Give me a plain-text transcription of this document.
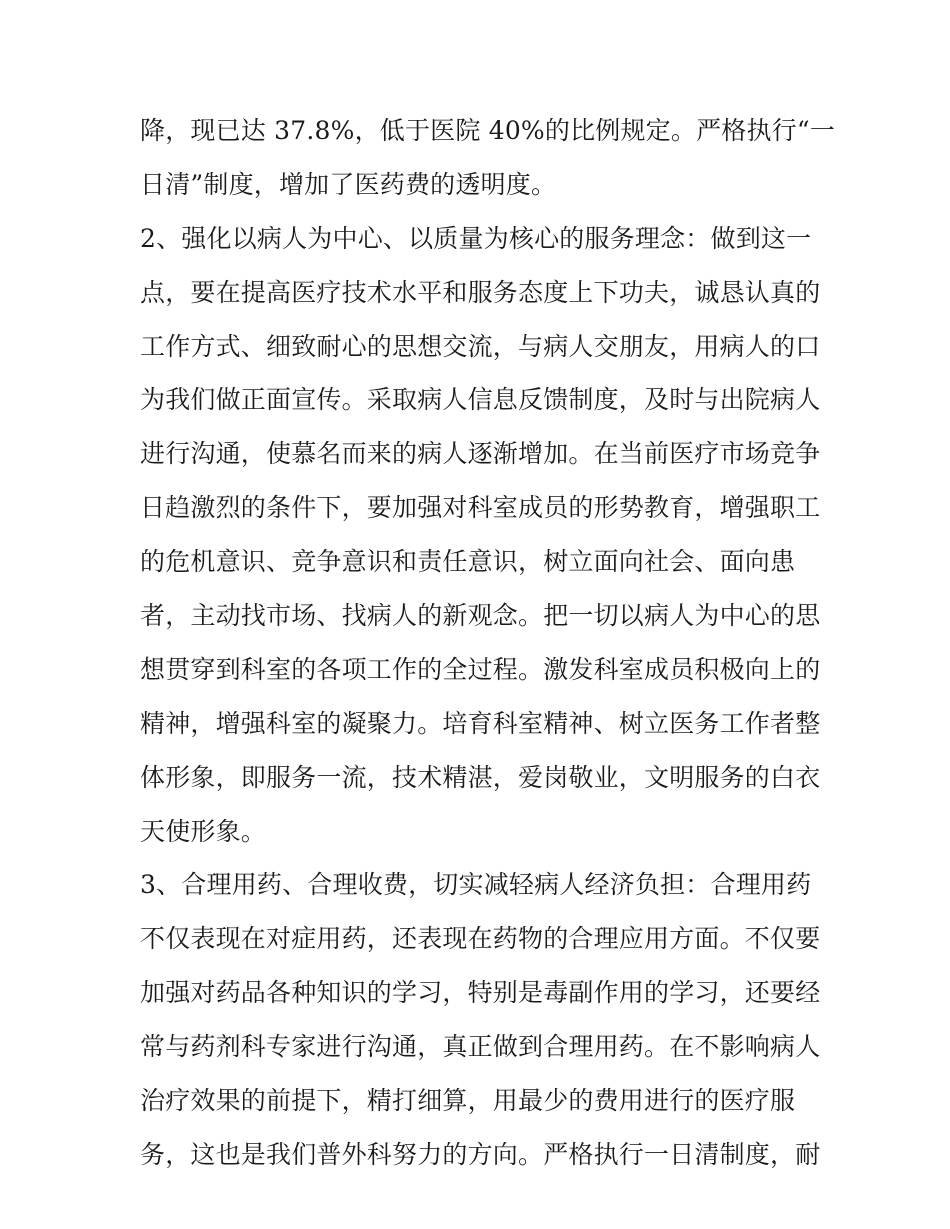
降，现已达 37.8%，低于医院 40%的比例规定。严格执行“一
日清”制度，增加了医药费的透明度。
2、强化以病人为中心、以质量为核心的服务理念：做到这一
点，要在提高医疗技术水平和服务态度上下功夫，诚恳认真的
工作方式、细致耐心的思想交流，与病人交朋友，用病人的口
为我们做正面宣传。采取病人信息反馈制度，及时与出院病人
进行沟通，使慕名而来的病人逐渐增加。在当前医疗市场竞争
日趋激烈的条件下，要加强对科室成员的形势教育，增强职工
的危机意识、竞争意识和责任意识，树立面向社会、面向患
者，主动找市场、找病人的新观念。把一切以病人为中心的思
想贯穿到科室的各项工作的全过程。激发科室成员积极向上的
精神，增强科室的凝聚力。培育科室精神、树立医务工作者整
体形象，即服务一流，技术精湛，爱岗敬业，文明服务的白衣
天使形象。
3、合理用药、合理收费，切实减轻病人经济负担：合理用药
不仅表现在对症用药，还表现在药物的合理应用方面。不仅要
加强对药品各种知识的学习，特别是毒副作用的学习，还要经
常与药剂科专家进行沟通，真正做到合理用药。在不影响病人
治疗效果的前提下，精打细算，用最少的费用进行的医疗服
务，这也是我们普外科努力的方向。严格执行一日清制度，耐
